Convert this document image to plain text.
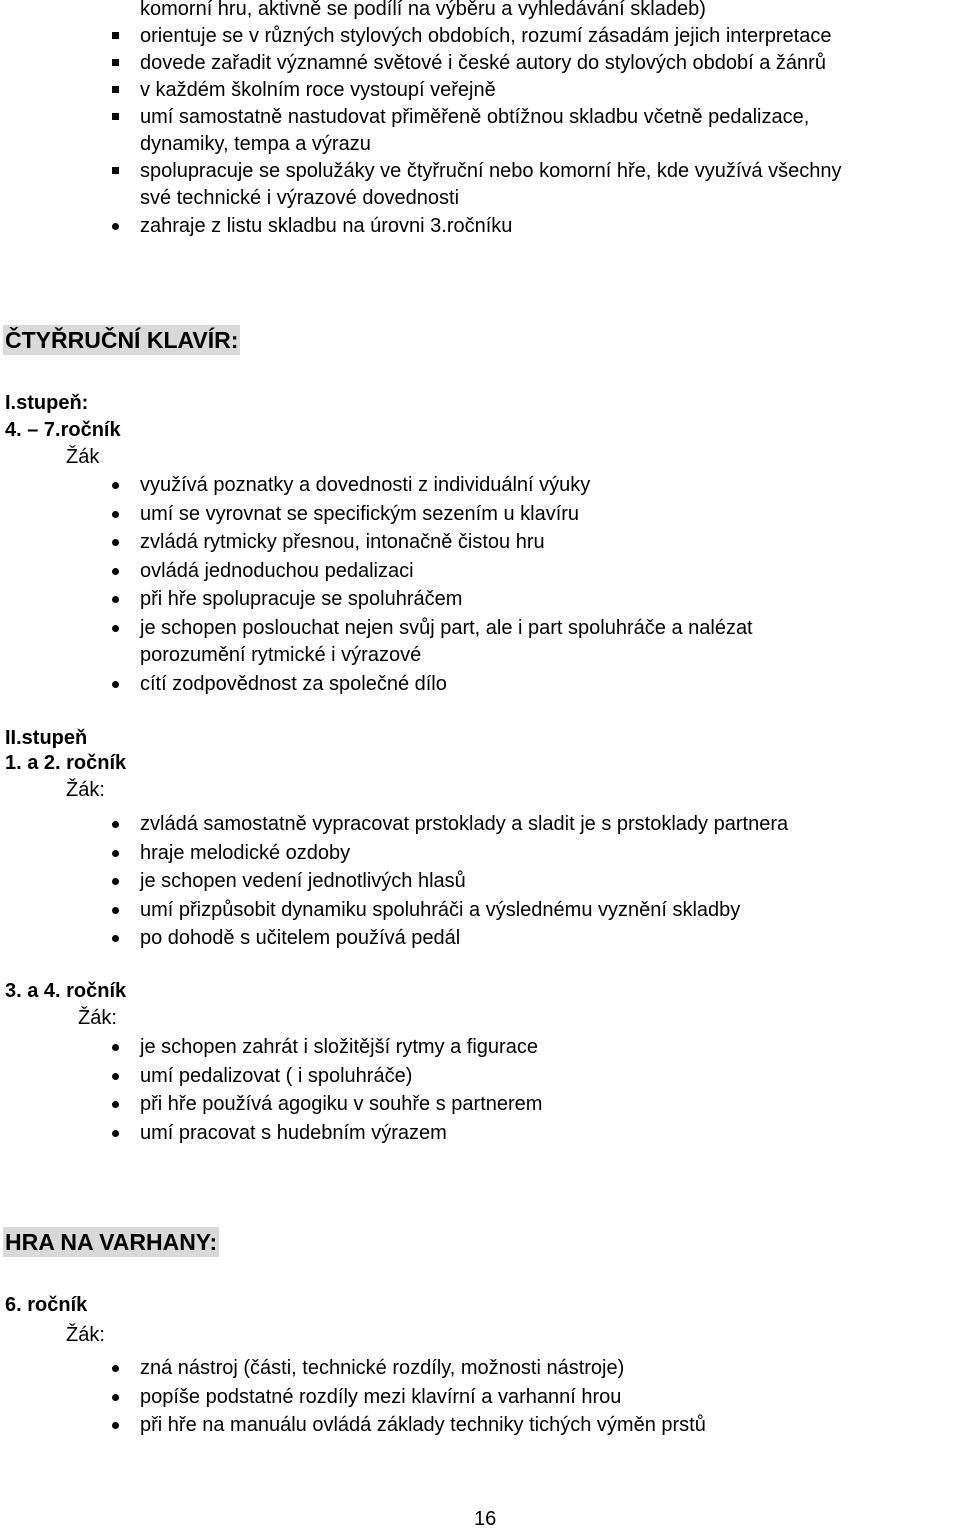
komorní hru, aktivně se podílí na výběru a vyhledávání skladeb)
orientuje se v různých stylových obdobích, rozumí zásadám jejich interpretace
dovede zařadit významné světové i české autory do stylových období a žánrů
v každém školním roce vystoupí veřejně
umí samostatně nastudovat přiměřeně obtížnou skladbu včetně pedalizace,
dynamiky, tempa a výrazu
spolupracuje se spolužáky ve čtyřruční nebo komorní hře, kde využívá všechny
své technické i výrazové dovednosti
zahraje z listu skladbu na úrovni 3.ročníku
ČTYŘRUČNÍ KLAVÍR:
I.stupeň:
4. – 7.ročník
Žák
využívá poznatky a dovednosti z individuální výuky
umí se vyrovnat se specifickým sezením u klavíru
zvládá rytmicky přesnou, intonačně čistou hru
ovládá jednoduchou pedalizaci
při hře spolupracuje se spoluhráčem
je schopen poslouchat nejen svůj part, ale i part spoluhráče a nalézat
porozumění rytmické i výrazové
cítí zodpovědnost za společné dílo
II.stupeň
1. a 2. ročník
Žák:
zvládá samostatně vypracovat prstoklady a sladit je s prstoklady partnera
hraje melodické ozdoby
je schopen vedení jednotlivých hlasů
umí přizpůsobit dynamiku spoluhráči a výslednému vyznění skladby
po dohodě s učitelem používá pedál
3. a 4. ročník
Žák:
je schopen zahrát i složitější rytmy a figurace
umí pedalizovat ( i spoluhráče)
při hře používá agogiku v souhře s partnerem
umí pracovat s hudebním výrazem
HRA NA VARHANY:
6. ročník
Žák:
zná nástroj (části, technické rozdíly, možnosti nástroje)
popíše podstatné rozdíly mezi klavírní a varhanní hrou
při hře na manuálu ovládá základy techniky tichých výměn prstů
16
